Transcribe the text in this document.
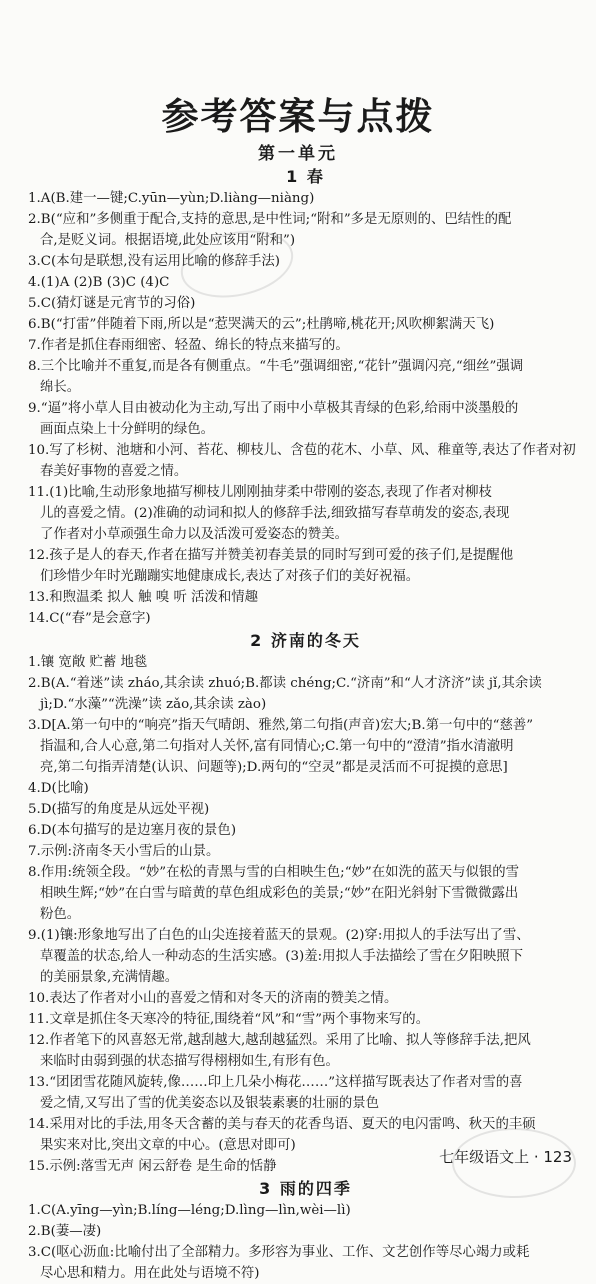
参考答案与点拨
第一单元
1 春
1.A(B.建一—键;C.yūn—yùn;D.liàng—niàng)
2.B(“应和”多侧重于配合,支持的意思,是中性词;“附和”多是无原则的、巴结性的配
合,是贬义词。根据语境,此处应该用“附和”)
3.C(本句是联想,没有运用比喻的修辞手法)
4.(1)A (2)B (3)C (4)C
5.C(猜灯谜是元宵节的习俗)
6.B(“打雷”伴随着下雨,所以是“惹哭满天的云”;杜鹃啼,桃花开;风吹柳絮满天飞)
7.作者是抓住春雨细密、轻盈、绵长的特点来描写的。
8.三个比喻并不重复,而是各有侧重点。“牛毛”强调细密,“花针”强调闪亮,“细丝”强调
绵长。
9.“逼”将小草人目由被动化为主动,写出了雨中小草极其青绿的色彩,给雨中淡墨般的
画面点染上十分鲜明的绿色。
10.写了杉树、池塘和小河、苔花、柳枝儿、含苞的花木、小草、风、稚童等,表达了作者对初
春美好事物的喜爱之情。
11.(1)比喻,生动形象地描写柳枝儿刚刚抽芽柔中带刚的姿态,表现了作者对柳枝
儿的喜爱之情。(2)准确的动词和拟人的修辞手法,细致描写春草萌发的姿态,表现
了作者对小草顽强生命力以及活泼可爱姿态的赞美。
12.孩子是人的春天,作者在描写并赞美初春美景的同时写到可爱的孩子们,是提醒他
们珍惜少年时光蹦蹦实地健康成长,表达了对孩子们的美好祝福。
13.和煦温柔 拟人 触 嗅 听 活泼和情趣
14.C(“春”是会意字)
2 济南的冬天
1.镶 宽敞 贮蓄 地毯
2.B(A.“着迷”读 zháo,其余读 zhuó;B.都读 chéng;C.“济南”和“人才济济”读 jǐ,其余读
jì;D.“水藻”“洗澡”读 zǎo,其余读 zào)
3.D[A.第一句中的“响亮”指天气晴朗、雅然,第二句指(声音)宏大;B.第一句中的“慈善”
指温和,合人心意,第二句指对人关怀,富有同情心;C.第一句中的“澄清”指水清澈明
亮,第二句指弄清楚(认识、问题等);D.两句的“空灵”都是灵活而不可捉摸的意思]
4.D(比喻)
5.D(描写的角度是从远处平视)
6.D(本句描写的是边塞月夜的景色)
7.示例:济南冬天小雪后的山景。
8.作用:统领全段。“妙”在松的青黑与雪的白相映生色;“妙”在如洗的蓝天与似银的雪
相映生辉;“妙”在白雪与暗黄的草色组成彩色的美景;“妙”在阳光斜射下雪微微露出
粉色。
9.(1)镶:形象地写出了白色的山尖连接着蓝天的景观。(2)穿:用拟人的手法写出了雪、
草覆盖的状态,给人一种动态的生活实感。(3)羞:用拟人手法描绘了雪在夕阳映照下
的美丽景象,充满情趣。
10.表达了作者对小山的喜爱之情和对冬天的济南的赞美之情。
11.文章是抓住冬天寒冷的特征,围绕着“风”和“雪”两个事物来写的。
12.作者笔下的风喜怒无常,越刮越大,越刮越猛烈。采用了比喻、拟人等修辞手法,把风
来临时由弱到强的状态描写得栩栩如生,有形有色。
13.“团团雪花随风旋转,像……印上几朵小梅花……”这样描写既表达了作者对雪的喜
爱之情,又写出了雪的优美姿态以及银装素裹的壮丽的景色
14.采用对比的手法,用冬天含蓄的美与春天的花香鸟语、夏天的电闪雷鸣、秋天的丰硕
果实来对比,突出文章的中心。(意思对即可)
15.示例:落雪无声 闲云舒卷 是生命的恬静
3 雨的四季
1.C(A.yīng—yìn;B.líng—léng;D.lìng—lìn,wèi—lì)
2.B(萋—凄)
3.C(呕心沥血:比喻付出了全部精力。多形容为事业、工作、文艺创作等尽心竭力或耗
尽心思和精力。用在此处与语境不符)
七年级语文上 · 123
